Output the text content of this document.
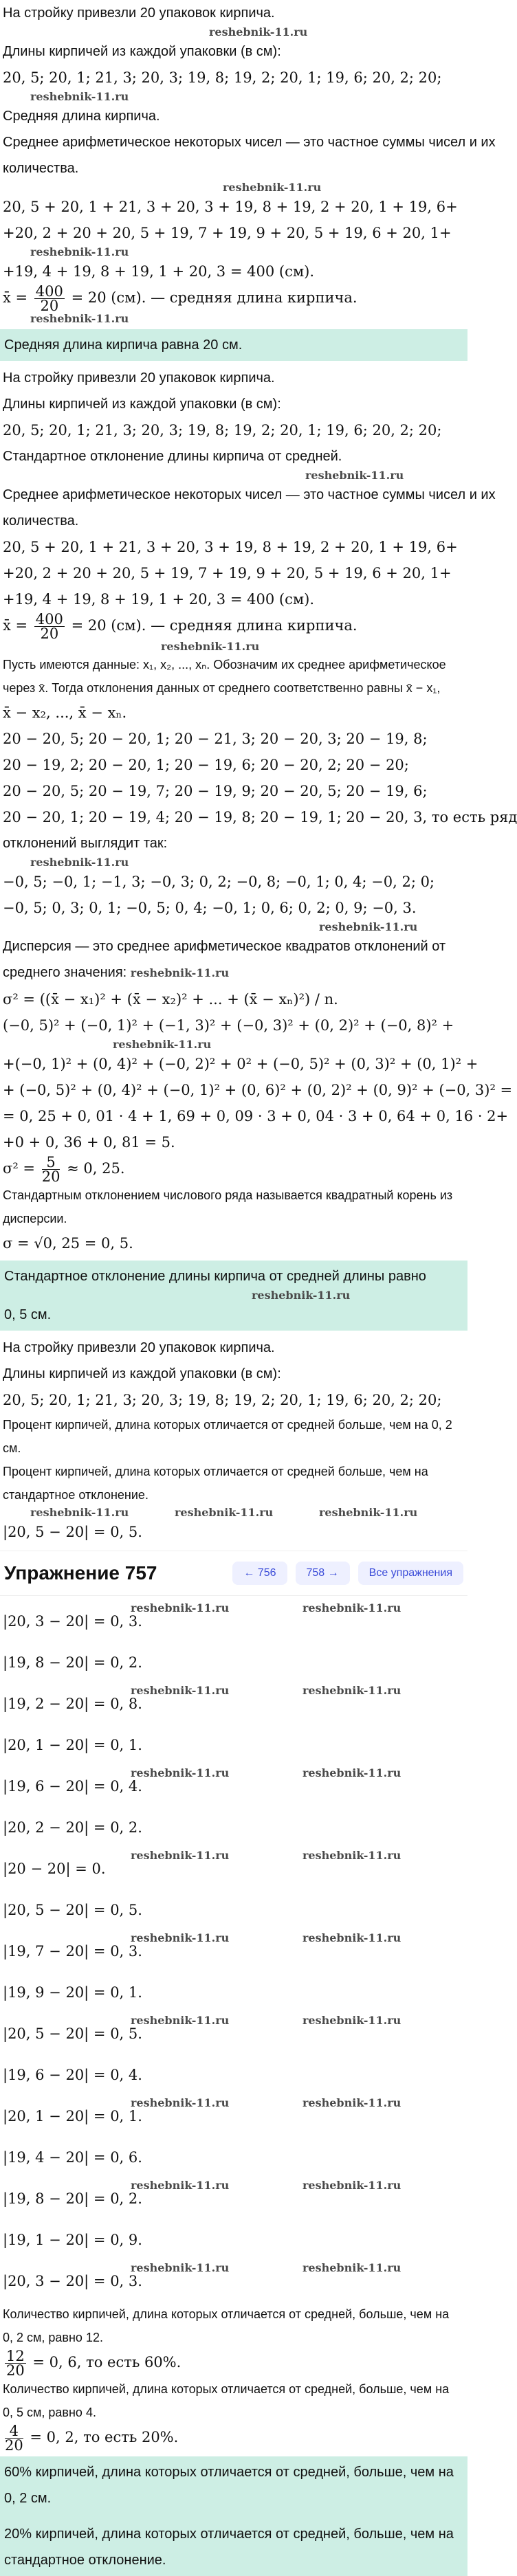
На стройку привезли 20 упаковок кирпича.
reshebnik-11.ru
Длины кирпичей из каждой упаковки (в см):
20, 5; 20, 1; 21, 3; 20, 3; 19, 8; 19, 2; 20, 1; 19, 6; 20, 2; 20;
reshebnik-11.ru
Средняя длина кирпича.
Среднее арифметическое некоторых чисел — это частное суммы чисел и их
количества.
reshebnik-11.ru
20, 5 + 20, 1 + 21, 3 + 20, 3 + 19, 8 + 19, 2 + 20, 1 + 19, 6+
+20, 2 + 20 + 20, 5 + 19, 7 + 19, 9 + 20, 5 + 19, 6 + 20, 1+
reshebnik-11.ru
+19, 4 + 19, 8 + 19, 1 + 20, 3 = 400 (см).
x̄ = $\frac{400}{20} = 20$ (см). — средняя длина кирпича.
reshebnik-11.ru
Средняя длина кирпича равна 20 см.
На стройку привезли 20 упаковок кирпича.
Длины кирпичей из каждой упаковки (в см):
20, 5; 20, 1; 21, 3; 20, 3; 19, 8; 19, 2; 20, 1; 19, 6; 20, 2; 20;
Стандартное отклонение длины кирпича от средней.
reshebnik-11.ru
Среднее арифметическое некоторых чисел — это частное суммы чисел и их
количества.
20, 5 + 20, 1 + 21, 3 + 20, 3 + 19, 8 + 19, 2 + 20, 1 + 19, 6+
+20, 2 + 20 + 20, 5 + 19, 7 + 19, 9 + 20, 5 + 19, 6 + 20, 1+
+19, 4 + 19, 8 + 19, 1 + 20, 3 = 400 (см).
x̄ = $\frac{400}{20} = 20$ (см). — средняя длина кирпича.
reshebnik-11.ru
Пусть имеются данные: x₁, x₂, ..., xₙ. Обозначим их среднее арифметическое
через x̄. Тогда отклонения данных от среднего соответственно равны x̄ − x₁,
x̄ − x₂, ..., x̄ − xₙ.
20 − 20, 5; 20 − 20, 1; 20 − 21, 3; 20 − 20, 3; 20 − 19, 8;
20 − 19, 2; 20 − 20, 1; 20 − 19, 6; 20 − 20, 2; 20 − 20;
20 − 20, 5; 20 − 19, 7; 20 − 19, 9; 20 − 20, 5; 20 − 19, 6;
20 − 20, 1; 20 − 19, 4; 20 − 19, 8; 20 − 19, 1; 20 − 20, 3, то есть ряд
отклонений выглядит так:
reshebnik-11.ru
−0, 5; −0, 1; −1, 3; −0, 3; 0, 2; −0, 8; −0, 1; 0, 4; −0, 2; 0;
−0, 5; 0, 3; 0, 1; −0, 5; 0, 4; −0, 1; 0, 6; 0, 2; 0, 9; −0, 3.
reshebnik-11.ru
Дисперсия — это среднее арифметическое квадратов отклонений от
среднего значения: reshebnik-11.ru
σ² = ((x̄ − x₁)² + (x̄ − x₂)² + ... + (x̄ − xₙ)²) / n.
(−0, 5)² + (−0, 1)² + (−1, 3)² + (−0, 3)² + (0, 2)² + (−0, 8)² +
reshebnik-11.ru
+(−0, 1)² + (0, 4)² + (−0, 2)² + 0² + (−0, 5)² + (0, 3)² + (0, 1)² +
+ (−0, 5)² + (0, 4)² + (−0, 1)² + (0, 6)² + (0, 2)² + (0, 9)² + (−0, 3)² =
= 0, 25 + 0, 01 · 4 + 1, 69 + 0, 09 · 3 + 0, 04 · 3 + 0, 64 + 0, 16 · 2+
+0 + 0, 36 + 0, 81 = 5.
$\sigma^2 = \frac{5}{20} \approx 0$, 25.
Стандартным отклонением числового ряда называется квадратный корень из
дисперсии.
σ = √0, 25 = 0, 5.
Стандартное отклонение длины кирпича от средней длины равно
reshebnik-11.ru
0, 5 см.
На стройку привезли 20 упаковок кирпича.
Длины кирпичей из каждой упаковки (в см):
20, 5; 20, 1; 21, 3; 20, 3; 19, 8; 19, 2; 20, 1; 19, 6; 20, 2; 20;
Процент кирпичей, длина которых отличается от средней больше, чем на 0, 2
см.
Процент кирпичей, длина которых отличается от средней больше, чем на
стандартное отклонение.
reshebnik-11.ru	reshebnik-11.ru	reshebnik-11.ru
|20, 5 − 20| = 0, 5.
Упражнение 757	← 756	758 →	Все упражнения
reshebnik-11.ru	reshebnik-11.ru
|20, 3 − 20| = 0, 3.
|19, 8 − 20| = 0, 2.
reshebnik-11.ru	reshebnik-11.ru
|19, 2 − 20| = 0, 8.
|20, 1 − 20| = 0, 1.
reshebnik-11.ru	reshebnik-11.ru
|19, 6 − 20| = 0, 4.
|20, 2 − 20| = 0, 2.
reshebnik-11.ru	reshebnik-11.ru
|20 − 20| = 0.
|20, 5 − 20| = 0, 5.
reshebnik-11.ru	reshebnik-11.ru
|19, 7 − 20| = 0, 3.
|19, 9 − 20| = 0, 1.
reshebnik-11.ru	reshebnik-11.ru
|20, 5 − 20| = 0, 5.
|19, 6 − 20| = 0, 4.
reshebnik-11.ru	reshebnik-11.ru
|20, 1 − 20| = 0, 1.
|19, 4 − 20| = 0, 6.
reshebnik-11.ru	reshebnik-11.ru
|19, 8 − 20| = 0, 2.
|19, 1 − 20| = 0, 9.
reshebnik-11.ru	reshebnik-11.ru
|20, 3 − 20| = 0, 3.
Количество кирпичей, длина которых отличается от средней, больше, чем на
0, 2 см, равно 12.
$\frac{12}{20} = 0$, 6, то есть 60%.
Количество кирпичей, длина которых отличается от средней, больше, чем на
0, 5 см, равно 4.
$\frac{4}{20} = 0$, 2, то есть 20%.
60% кирпичей, длина которых отличается от средней, больше, чем на
0, 2 см.
20% кирпичей, длина которых отличается от средней, больше, чем на
стандартное отклонение.
